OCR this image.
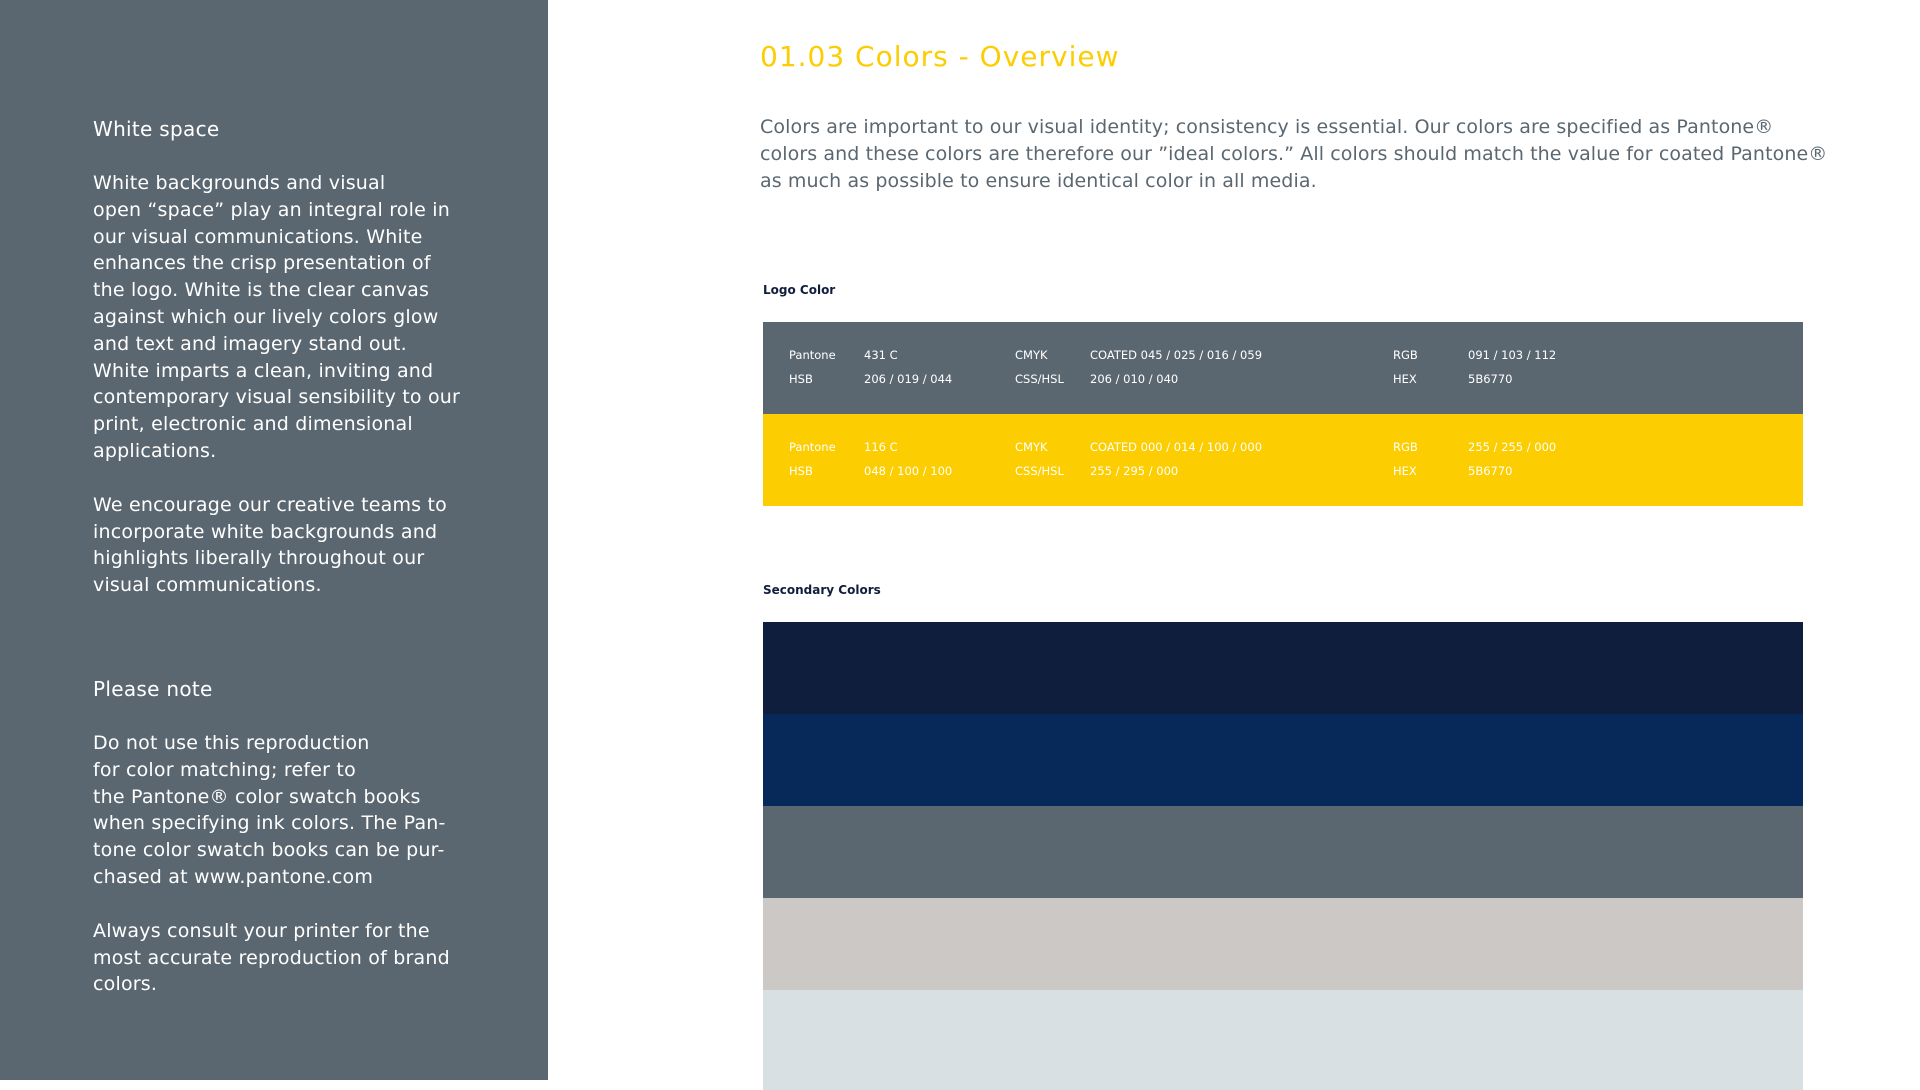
White space

White backgrounds and visual
open “space” play an integral role in
our visual communications. White
enhances the crisp presentation of
the logo. White is the clear canvas
against which our lively colors glow
and text and imagery stand out.
White imparts a clean, inviting and
contemporary visual sensibility to our
print, electronic and dimensional
applications.

We encourage our creative teams to
incorporate white backgrounds and
highlights liberally throughout our
visual communications.

Please note

Do not use this reproduction
for color matching; refer to
the Pantone® color swatch books
when specifying ink colors. The Pan-
tone color swatch books can be pur-
chased at www.pantone.com

Always consult your printer for the
most accurate reproduction of brand
colors.

01.03 Colors - Overview

Colors are important to our visual identity; consistency is essential. Our colors are specified as Pantone®
colors and these colors are therefore our ”ideal colors.” All colors should match the value for coated Pantone®
as much as possible to ensure identical color in all media.

Logo Color
Pantone 431 C	CMYK	COATED 045 / 025 / 016 / 059	RGB	091 / 103 / 112
HSB	206 / 019 / 044	CSS/HSL 206 / 010 / 040	HEX	5B6770
Pantone 116 C	CMYK	COATED 000 / 014 / 100 / 000	RGB	255 / 255 / 000
HSB	048 / 100 / 100	CSS/HSL 255 / 295 / 000	HEX	5B6770
Secondary Colors
